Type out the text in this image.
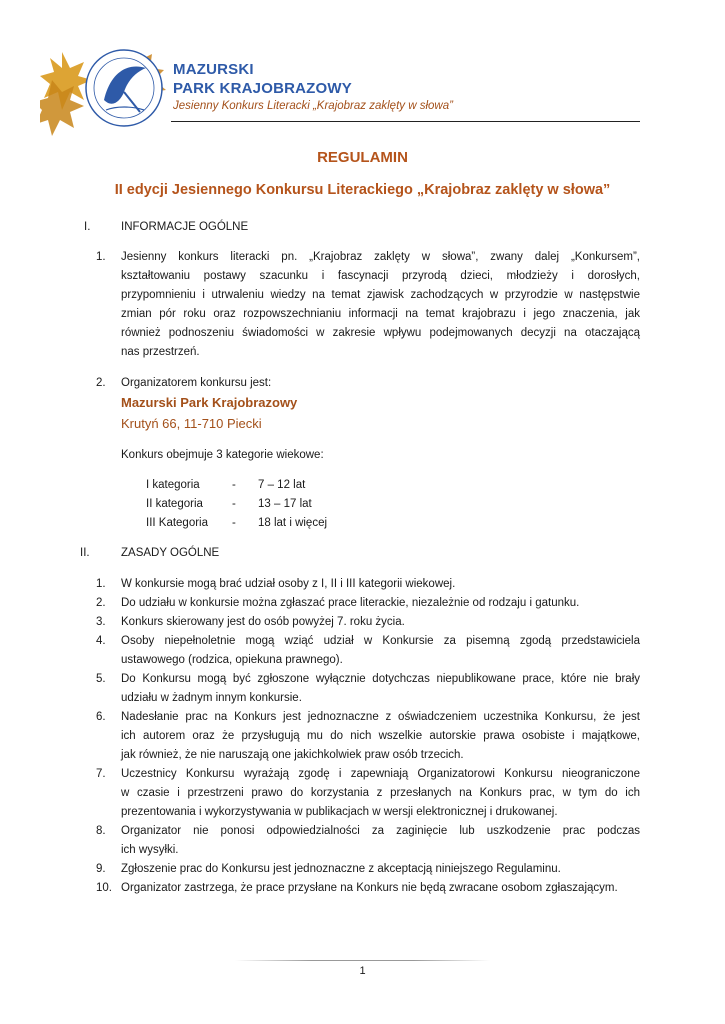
MAZURSKI
PARK KRAJOBRAZOWY
Jesienny Konkurs Literacki „Krajobraz zaklęty w słowa”
REGULAMIN
II edycji Jesiennego Konkursu Literackiego „Krajobraz zaklęty w słowa”
I.	INFORMACJE OGÓLNE
1. Jesienny konkurs literacki pn. „Krajobraz zaklęty w słowa”, zwany dalej „Konkursem”,
kształtowaniu postawy szacunku i fascynacji przyrodą dzieci, młodzieży i dorosłych,
przypomnieniu i utrwaleniu wiedzy na temat zjawisk zachodzących w przyrodzie w następstwie
zmian pór roku oraz rozpowszechnianiu informacji na temat krajobrazu i jego znaczenia, jak
również podnoszeniu świadomości w zakresie wpływu podejmowanych decyzji na otaczającą
nas przestrzeń.
2. Organizatorem konkursu jest:
Mazurski Park Krajobrazowy
Krutyń 66, 11-710 Piecki
Konkurs obejmuje 3 kategorie wiekowe:
I kategoria	-	7 – 12 lat
II kategoria	-	13 – 17 lat
III Kategoria	-	18 lat i więcej
II.	ZASADY OGÓLNE
1. W konkursie mogą brać udział osoby z I, II i III kategorii wiekowej.
2. Do udziału w konkursie można zgłaszać prace literackie, niezależnie od rodzaju i gatunku.
3. Konkurs skierowany jest do osób powyżej 7. roku życia.
4. Osoby niepełnoletnie mogą wziąć udział w Konkursie za pisemną zgodą przedstawiciela
ustawowego (rodzica, opiekuna prawnego).
5. Do Konkursu mogą być zgłoszone wyłącznie dotychczas niepublikowane prace, które nie brały
udziału w żadnym innym konkursie.
6. Nadesłanie prac na Konkurs jest jednoznaczne z oświadczeniem uczestnika Konkursu, że jest
ich autorem oraz że przysługują mu do nich wszelkie autorskie prawa osobiste i majątkowe,
jak również, że nie naruszają one jakichkolwiek praw osób trzecich.
7. Uczestnicy Konkursu wyrażają zgodę i zapewniają Organizatorowi Konkursu nieograniczone
w czasie i przestrzeni prawo do korzystania z przesłanych na Konkurs prac, w tym do ich
prezentowania i wykorzystywania w publikacjach w wersji elektronicznej i drukowanej.
8. Organizator nie ponosi odpowiedzialności za zaginięcie lub uszkodzenie prac podczas
ich wysyłki.
9. Zgłoszenie prac do Konkursu jest jednoznaczne z akceptacją niniejszego Regulaminu.
10. Organizator zastrzega, że prace przysłane na Konkurs nie będą zwracane osobom zgłaszającym.
1
